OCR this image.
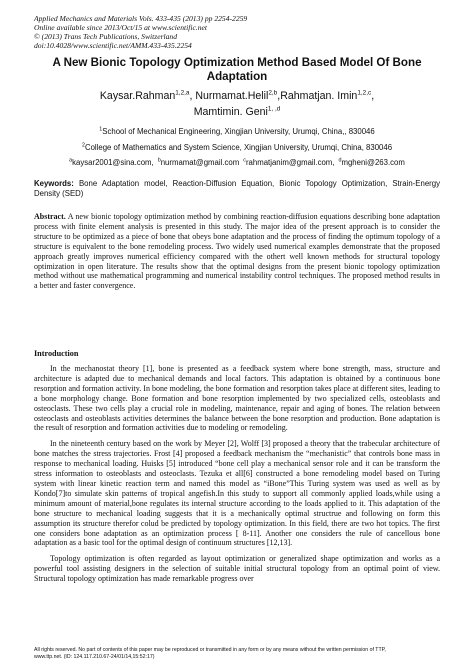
Applied Mechanics and Materials Vols. 433-435 (2013) pp 2254-2259
Online available since 2013/Oct/15 at www.scientific.net
© (2013) Trans Tech Publications, Switzerland
doi:10.4028/www.scientific.net/AMM.433-435.2254
A New Bionic Topology Optimization Method Based Model Of Bone
Adaptation
Kaysar.Rahman$^{1,2,a}$, Nurmamat.Helil$^{2,b}$,Rahmatjan. Imin$^{1,2,c}$,
Mamtimin. Geni$^{1, ,d}$
$^1$School of Mechanical Engineering, Xingjian University, Urumqi, China,, 830046
$^2$College of Mathematics and System Science, Xingjian University, Urumqi, China, 830046
$^a$kaysar2001@sina.com, $^b$nurmamat@gmail.com $^c$rahmatjanim@gmail.com, $^d$mgheni@263.com
Keywords: Bone Adaptation model, Reaction-Diffusion Equation, Bionic Topology Optimization, Strain-Energy Density (SED)
Abstract. A new bionic topology optimization method by combining reaction-diffusion equations describing bone adaptation process with finite element analysis is presented in this study. The major idea of the present approach is to consider the structure to be optimized as a piece of bone that obeys bone adaptation and the process of finding the optimum topology of a structure is equivalent to the bone remodeling process. Two widely used numerical examples demonstrate that the proposed approach greatly improves numerical efficiency compared with the othert well known methods for structural topology optimization in open literature. The results show that the optimal designs from the present bionic topology optimization method without use mathematical programming and numerical instability control techniques. The proposed method results in a better and faster convergence.
Introduction

In the mechanostat theory [1], bone is presented as a feedback system where bone strength, mass, structure and architecture is adapted due to mechanical demands and local factors. This adaptation is obtained by a continuous bone resorption and formation activity. In bone modeling, the bone formation and resorption takes place at different sites, leading to a bone morphology change. Bone formation and bone resorption implemented by two specialized cells, osteoblasts and osteoclasts. These two cells play a crucial role in modeling, maintenance, repair and aging of bones. The relation between osteoclasts and osteoblasts activities determines the balance between the bone resorption and production. Bone adaptation is the result of resorption and formation activities due to modeling or remodeling.

In the nineteenth century based on the work by Meyer [2], Wolff [3] proposed a theory that the trabecular architecture of bone matches the stress trajectories. Frost [4] proposed a feedback mechanism the “mechanistic” that controls bone mass in response to mechanical loading. Huisks [5] introduced “bone cell play a mechanical sensor role and it can be transform the stress information to osteoblasts and osteoclasts. Tezuka et all[6] constructed a bone remodeling model based on Turing system with linear kinetic reaction term and named this model as “iBone”This Turing system was used as well as by Kondo[7]to simulate skin patterns of tropical angefish.In this study to support all commonly applied loads,while using a minimum amount of material,bone regulates its internal structure according to the loads applied to it. This adaptation of the bone structure to mechanical loading suggests that it is a mechanically optimal structrue and following on form this assumption its structure therefor colud be predicted by topology optimization. In this field, there are two hot topics. The first one considers bone adaptation as an optimization process [ 8-11]. Another one considers the rule of cancellous bone adaptation as a basic tool for the optimal design of continuum structures [12,13].

Topology optimization is often regarded as layout optimization or generalized shape optimization and works as a powerful tool assisting designers in the selection of suitable initial structural topology from an optimal point of view. Structural topology optimization has made remarkable progress over

All rights reserved. No part of contents of this paper may be reproduced or transmitted in any form or by any means without the written permission of TTP,
www.ttp.net. (ID: 124.117.210.67-24/01/14,15:52:17)
